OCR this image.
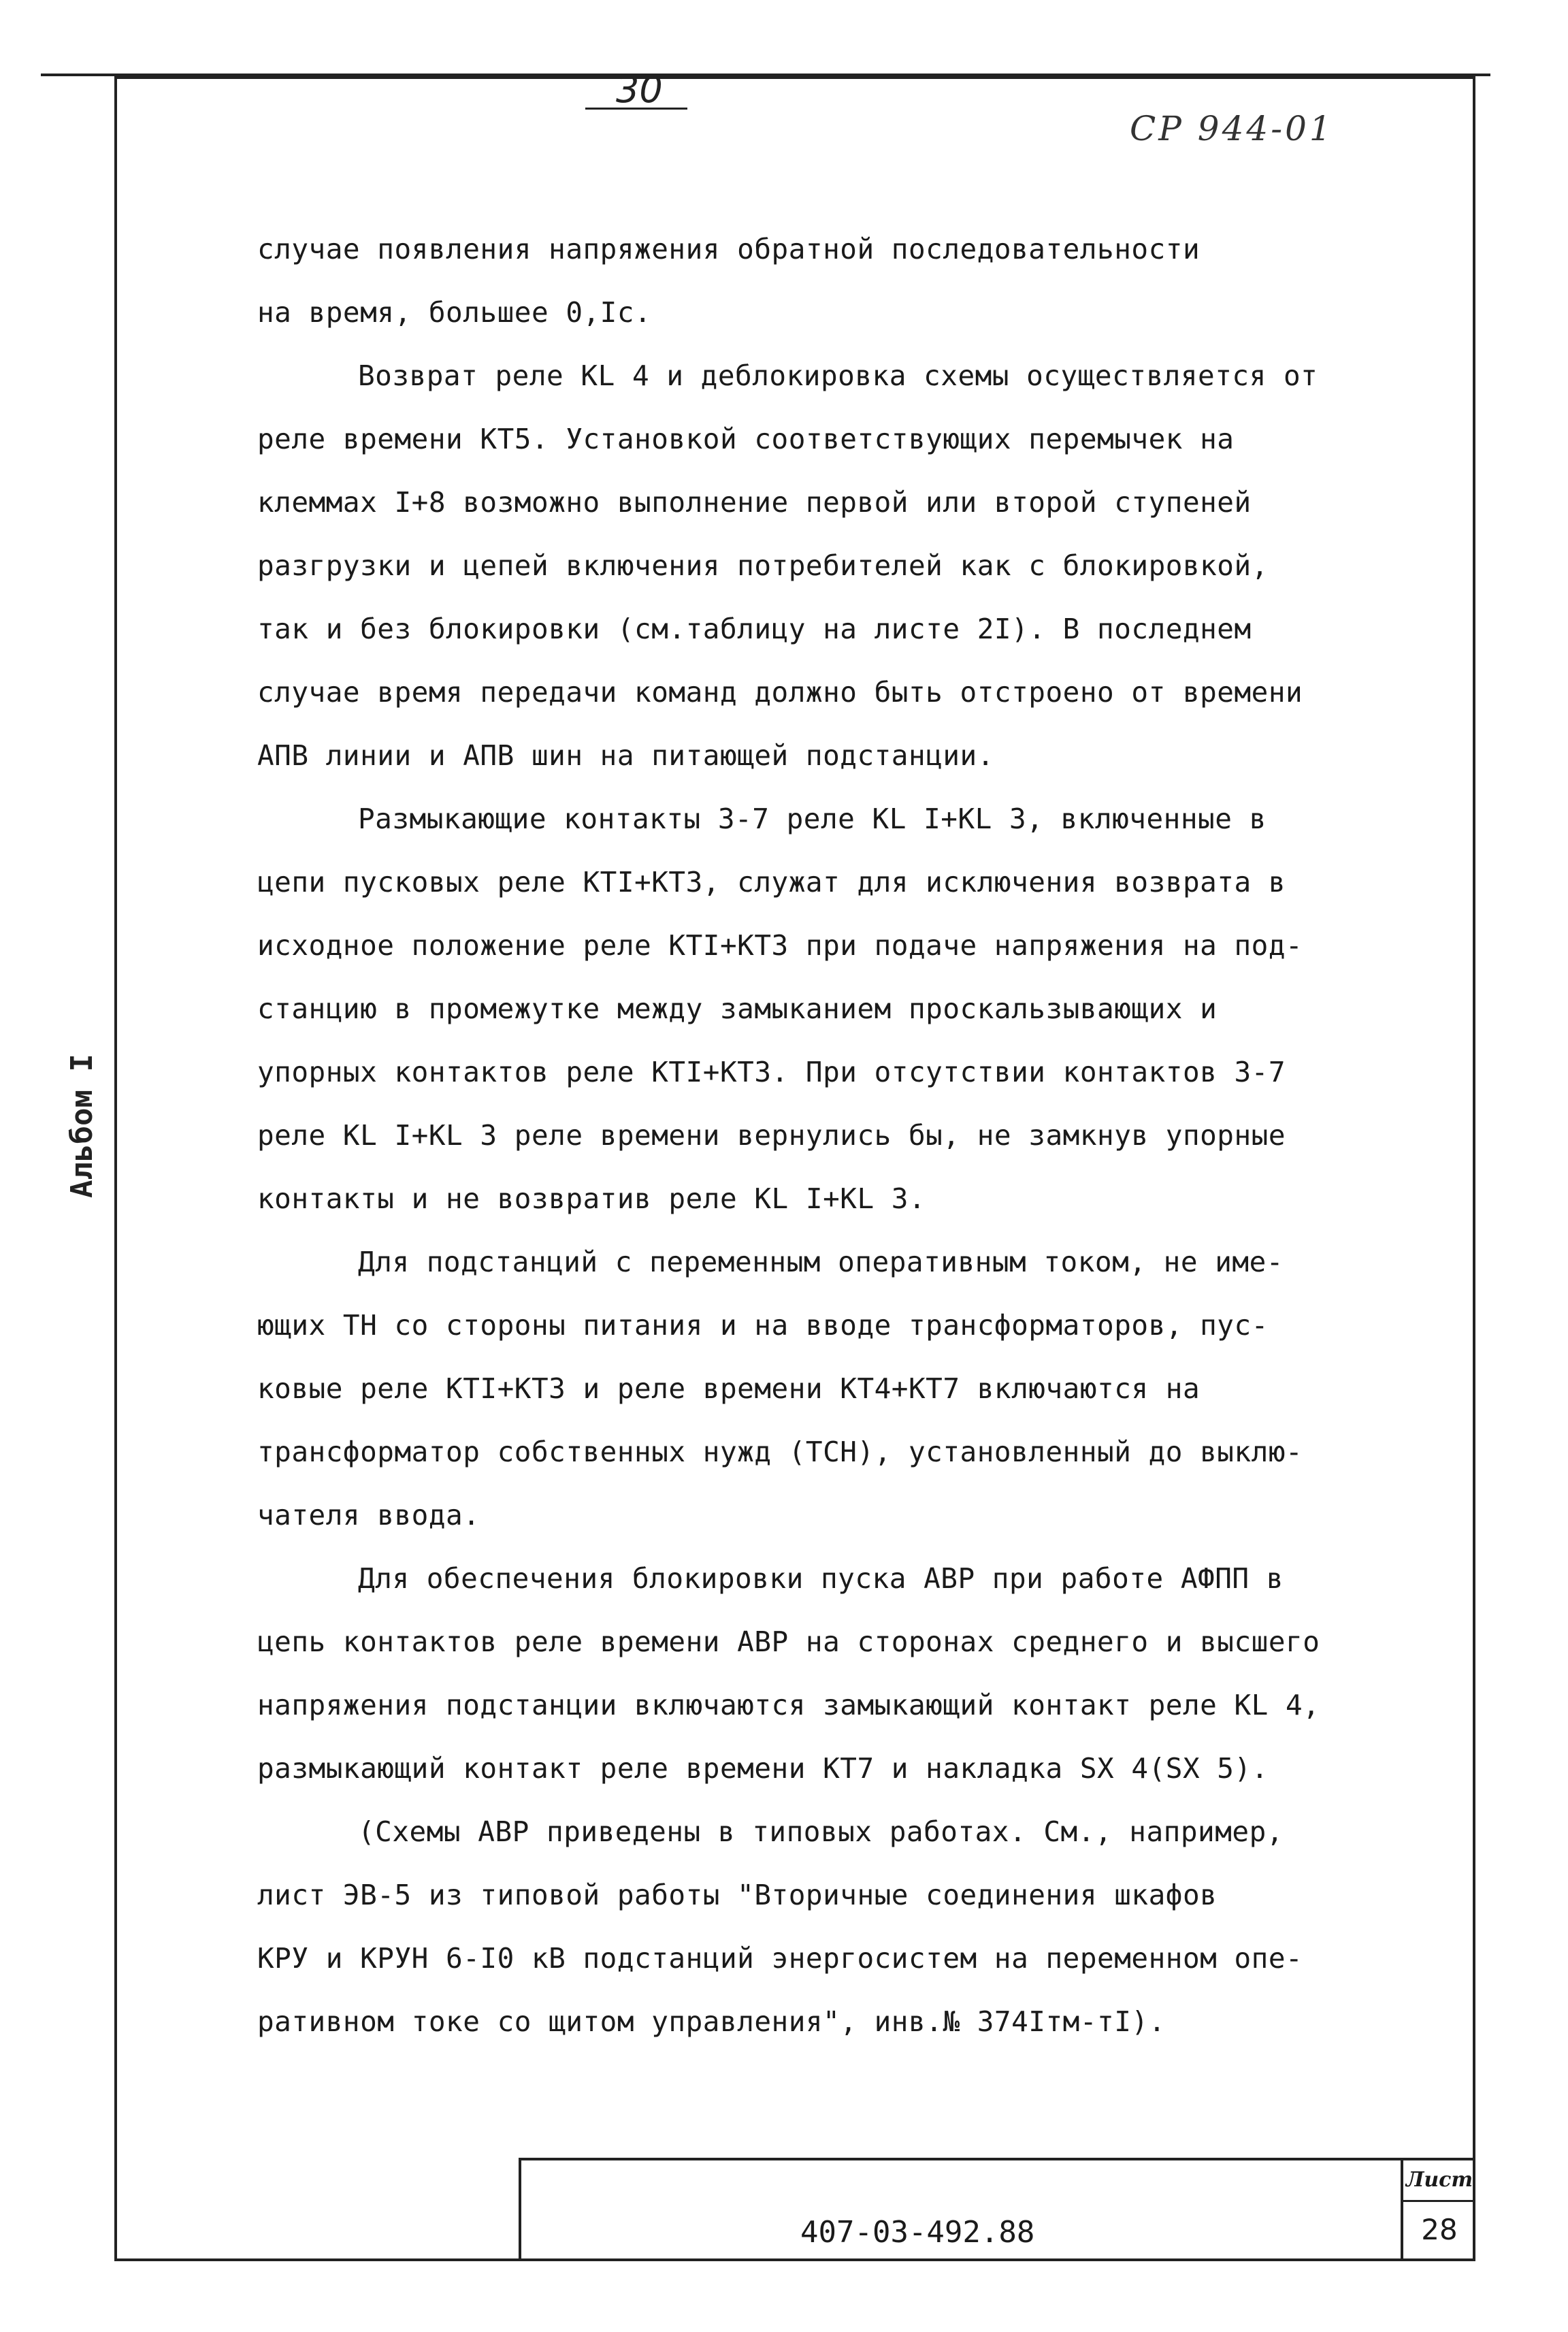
30
СР 944-01
Альбом I
случае появления напряжения обратной последовательности
на время, большее 0,Iс.
Возврат реле KL 4 и деблокировка схемы осуществляется от
реле времени КТ5. Установкой соответствующих перемычек на
клеммах I+8 возможно выполнение первой или второй ступеней
разгрузки и цепей включения потребителей как с блокировкой,
так и без блокировки (см.таблицу на листе 2I). В последнем
случае время передачи команд должно быть отстроено от времени
АПВ линии и АПВ шин на питающей подстанции.
Размыкающие контакты 3-7 реле KL I+KL 3, включенные в
цепи пусковых реле КТI+КТ3, служат для исключения возврата в
исходное положение реле КТI+КТ3 при подаче напряжения на под-
станцию в промежутке между замыканием проскальзывающих и
упорных контактов реле КТI+КТ3. При отсутствии контактов 3-7
реле KL I+KL 3 реле времени вернулись бы, не замкнув упорные
контакты и не возвратив реле KL I+KL 3.
Для подстанций с переменным оперативным током, не име-
ющих ТН со стороны питания и на вводе трансформаторов, пус-
ковые реле КТI+КТ3 и реле времени КТ4+КТ7 включаются на
трансформатор собственных нужд (ТСН), установленный до выклю-
чателя ввода.
Для обеспечения блокировки пуска АВР при работе АФПП в
цепь контактов реле времени АВР на сторонах среднего и высшего
напряжения подстанции включаются замыкающий контакт реле KL 4,
размыкающий контакт реле времени КТ7 и накладка SX 4(SX 5).
(Схемы АВР приведены в типовых работах. См., например,
лист ЭВ-5 из типовой работы "Вторичные соединения шкафов
КРУ и КРУН 6-I0 кВ подстанций энергосистем на переменном опе-
ративном токе со щитом управления", инв.№ 374Iтм-тI).
407-03-492.88
Лист
28
